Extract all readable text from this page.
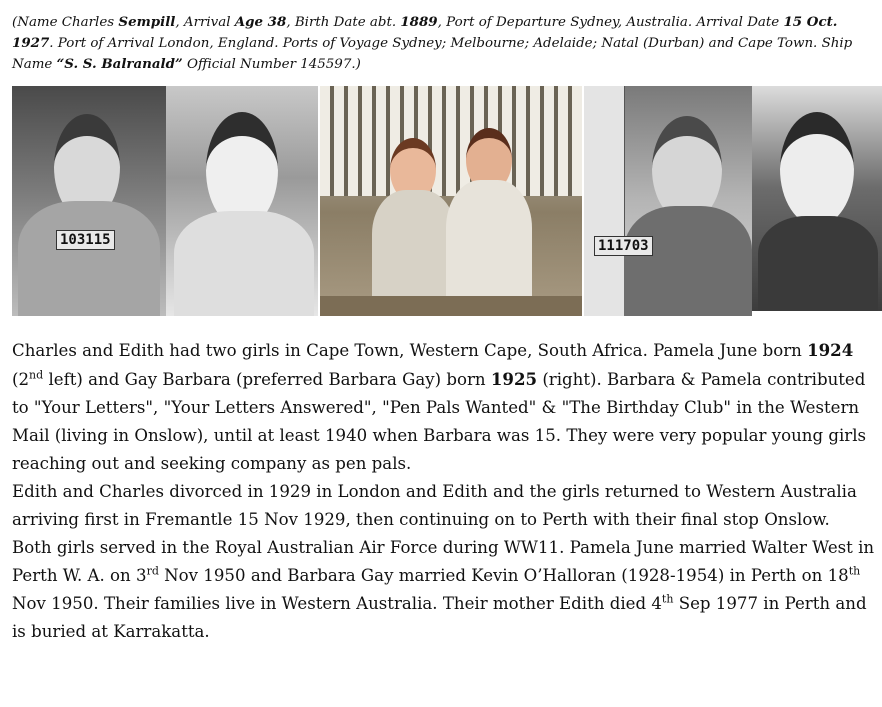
(Name Charles Sempill, Arrival Age 38, Birth Date abt. 1889, Port of Departure Sydney, Australia. Arrival Date 15 Oct. 1927. Port of Arrival London, England. Ports of Voyage Sydney; Melbourne; Adelaide; Natal (Durban) and Cape Town. Ship Name “S. S. Balranald” Official Number 145597.)
103115	111703

Charles and Edith had two girls in Cape Town, Western Cape, South Africa. Pamela June born 1924 (2nd left) and Gay Barbara (preferred Barbara Gay) born 1925 (right). Barbara & Pamela contributed to "Your Letters", "Your Letters Answered", "Pen Pals Wanted" & "The Birthday Club" in the Western Mail (living in Onslow), until at least 1940 when Barbara was 15. They were very popular young girls reaching out and seeking company as pen pals.

Edith and Charles divorced in 1929 in London and Edith and the girls returned to Western Australia arriving first in Fremantle 15 Nov 1929, then continuing on to Perth with their final stop Onslow.

Both girls served in the Royal Australian Air Force during WW11. Pamela June married Walter West in Perth W. A. on 3rd Nov 1950 and Barbara Gay married Kevin O’Halloran (1928-1954) in Perth on 18th Nov 1950. Their families live in Western Australia. Their mother Edith died 4th Sep 1977 in Perth and is buried at Karrakatta.
